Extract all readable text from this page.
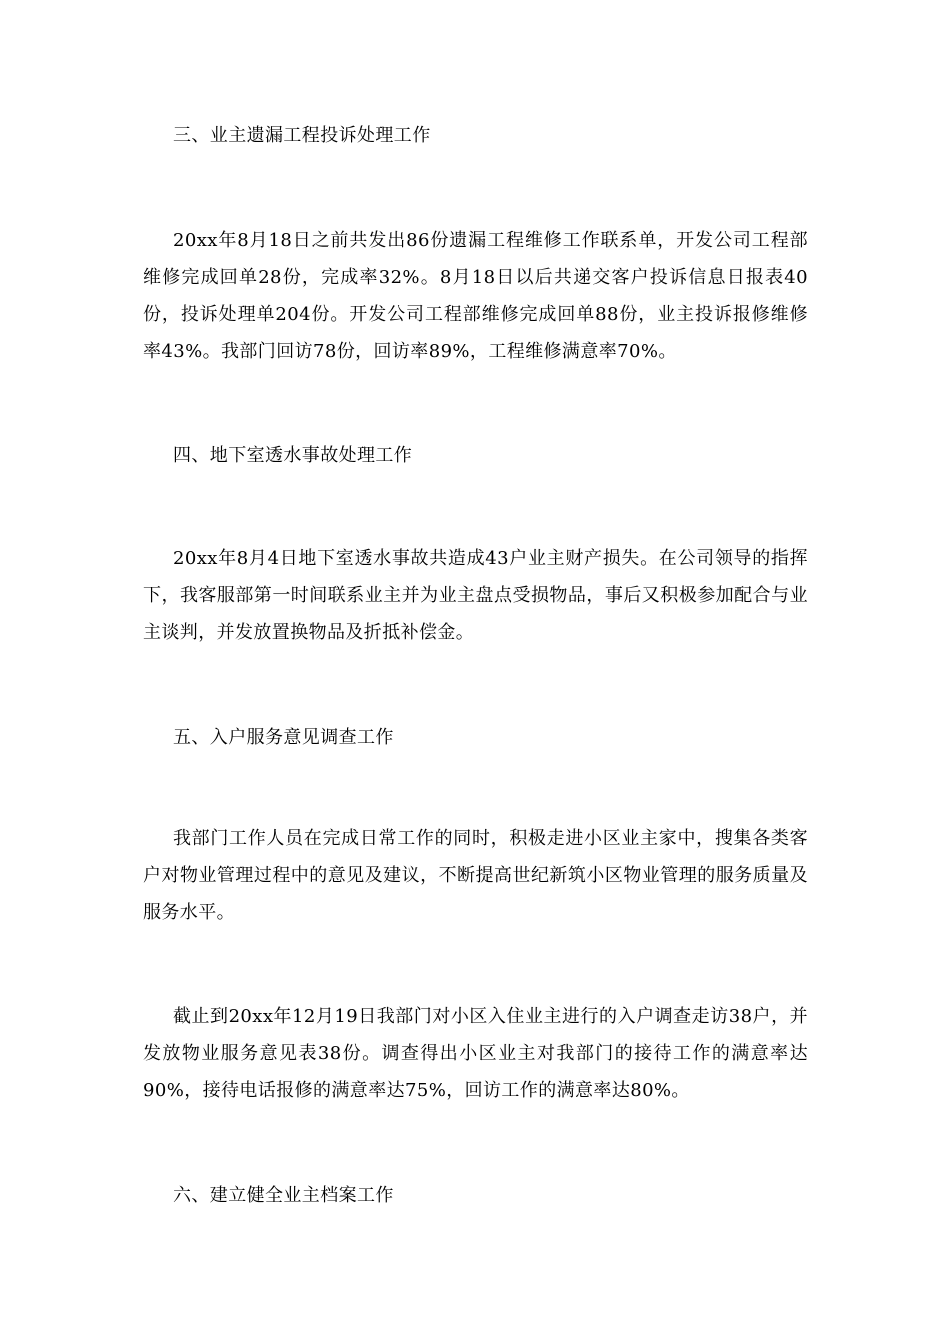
三、业主遗漏工程投诉处理工作

20xx年8月18日之前共发出86份遗漏工程维修工作联系单，开发公司工程部维修完成回单28份，完成率32%。8月18日以后共递交客户投诉信息日报表40份，投诉处理单204份。开发公司工程部维修完成回单88份，业主投诉报修维修率43%。我部门回访78份，回访率89%，工程维修满意率70%。

四、地下室透水事故处理工作

20xx年8月4日地下室透水事故共造成43户业主财产损失。在公司领导的指挥下，我客服部第一时间联系业主并为业主盘点受损物品，事后又积极参加配合与业主谈判，并发放置换物品及折抵补偿金。

五、入户服务意见调查工作

我部门工作人员在完成日常工作的同时，积极走进小区业主家中，搜集各类客户对物业管理过程中的意见及建议，不断提高世纪新筑小区物业管理的服务质量及服务水平。

截止到20xx年12月19日我部门对小区入住业主进行的入户调查走访38户，并发放物业服务意见表38份。调查得出小区业主对我部门的接待工作的满意率达90%，接待电话报修的满意率达75%，回访工作的满意率达80%。

六、建立健全业主档案工作
